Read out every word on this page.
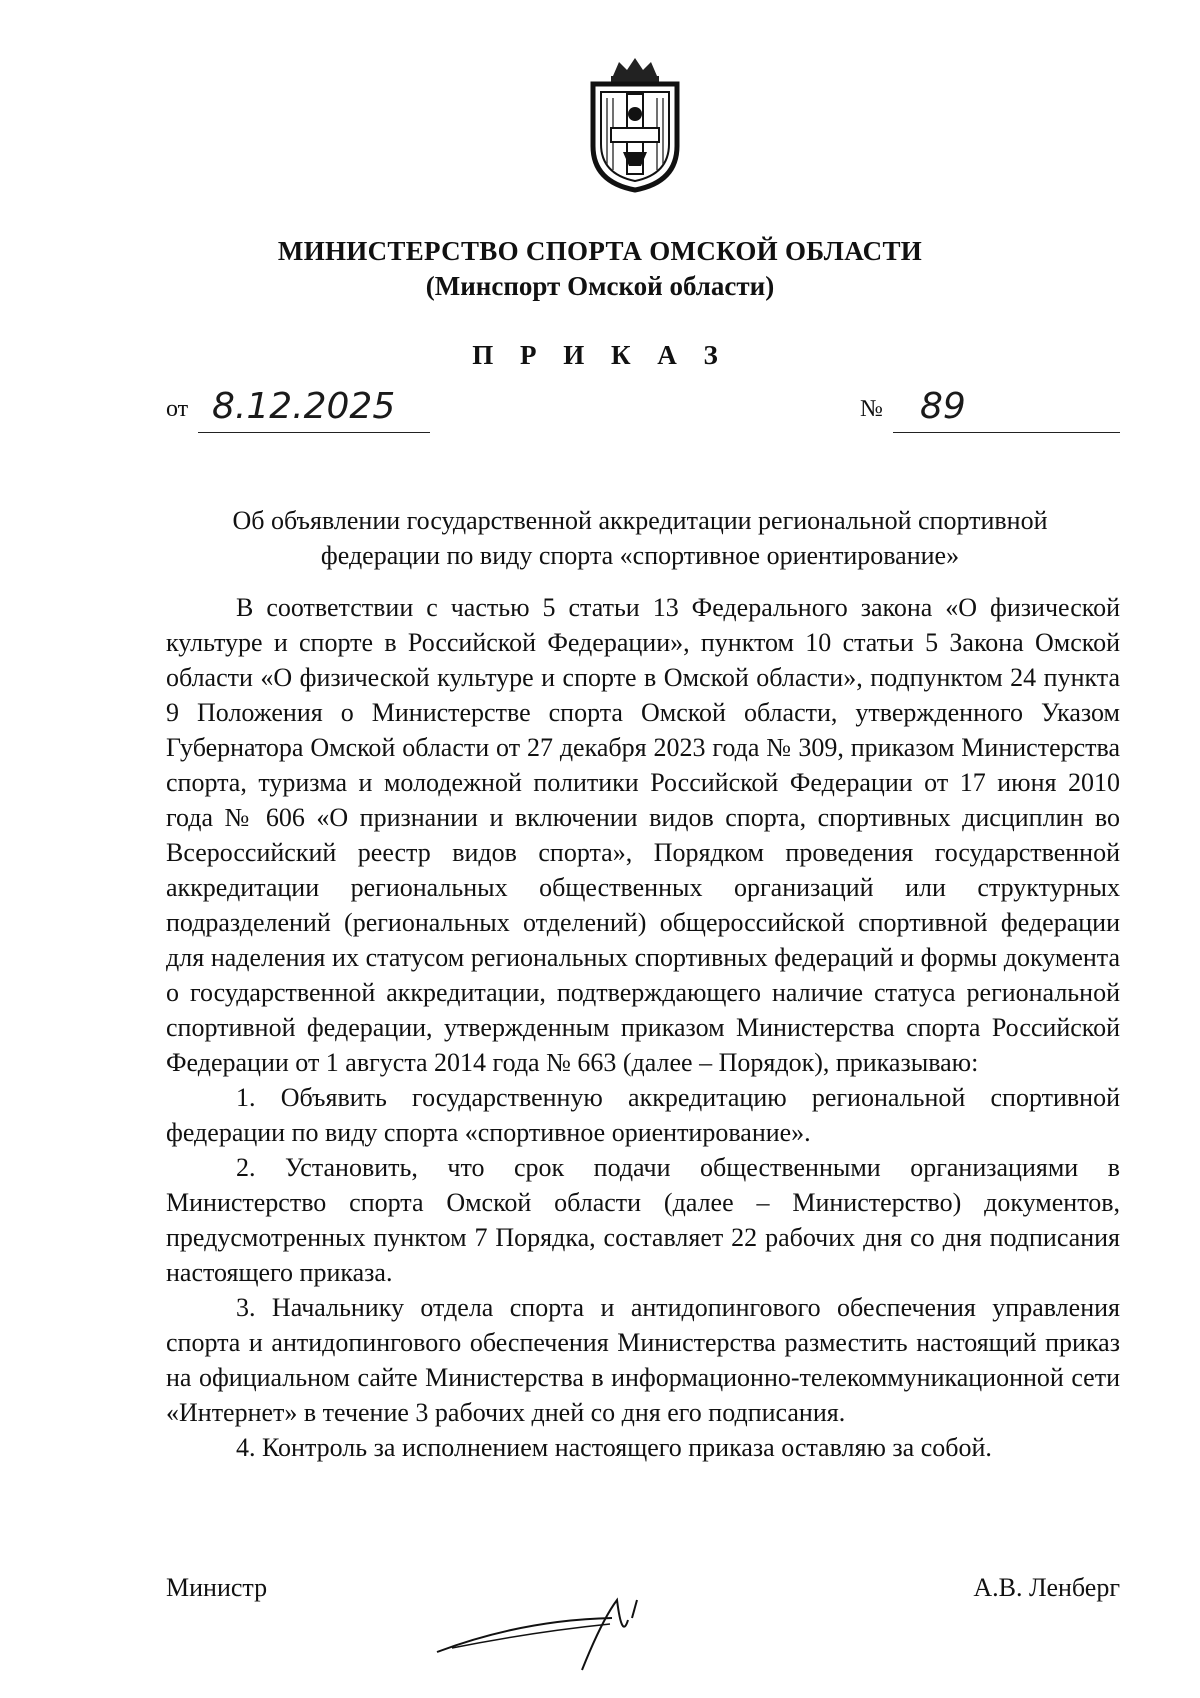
МИНИСТЕРСТВО СПОРТА ОМСКОЙ ОБЛАСТИ
(Минспорт Омской области)
П Р И К А З
от 8.12.2025	№ 89
Об объявлении государственной аккредитации региональной спортивной
федерации по виду спорта «спортивное ориентирование»

В соответствии с частью 5 статьи 13 Федерального закона «О физической культуре и спорте в Российской Федерации», пунктом 10 статьи 5 Закона Омской области «О физической культуре и спорте в Омской области», подпунктом 24 пункта 9 Положения о Министерстве спорта Омской области, утвержденного Указом Губернатора Омской области от 27 декабря 2023 года № 309, приказом Министерства спорта, туризма и молодежной политики Российской Федерации от 17 июня 2010 года № 606 «О признании и включении видов спорта, спортивных дисциплин во Всероссийский реестр видов спорта», Порядком проведения государственной аккредитации региональных общественных организаций или структурных подразделений (региональных отделений) общероссийской спортивной федерации для наделения их статусом региональных спортивных федераций и формы документа о государственной аккредитации, подтверждающего наличие статуса региональной спортивной федерации, утвержденным приказом Министерства спорта Российской Федерации от 1 августа 2014 года № 663 (далее – Порядок), приказываю:

1. Объявить государственную аккредитацию региональной спортивной федерации по виду спорта «спортивное ориентирование».

2. Установить, что срок подачи общественными организациями в Министерство спорта Омской области (далее – Министерство) документов, предусмотренных пунктом 7 Порядка, составляет 22 рабочих дня со дня подписания настоящего приказа.

3. Начальнику отдела спорта и антидопингового обеспечения управления спорта и антидопингового обеспечения Министерства разместить настоящий приказ на официальном сайте Министерства в информационно-телекоммуникационной сети «Интернет» в течение 3 рабочих дней со дня его подписания.

4. Контроль за исполнением настоящего приказа оставляю за собой.

Министр	А.В. Ленберг
